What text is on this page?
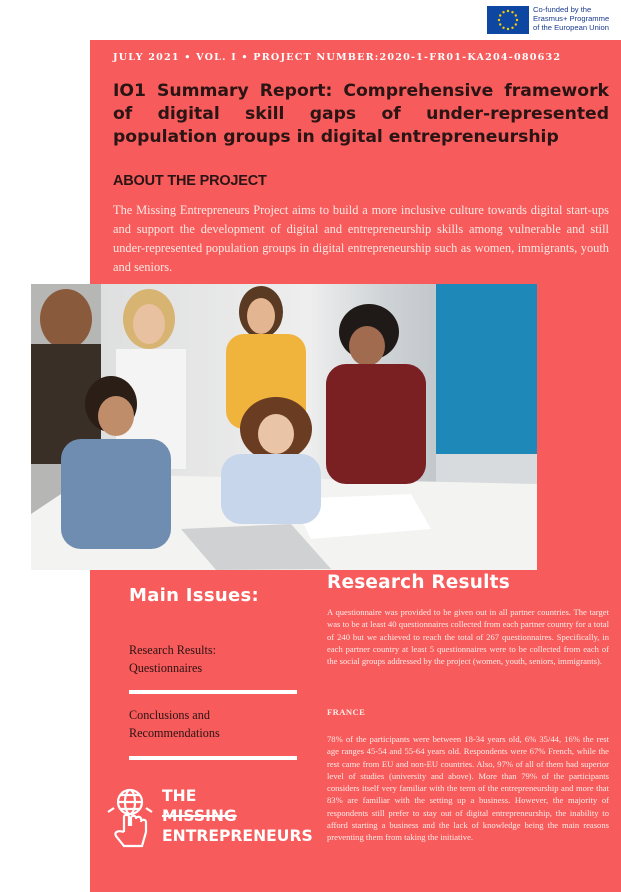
Co-funded by the
Erasmus+ Programme
of the European Union
JULY 2021 • VOL. I • PROJECT NUMBER:2020-1-FR01-KA204-080632
IO1 Summary Report: Comprehensive framework of digital skill gaps of under-represented population groups in digital entrepreneurship
ABOUT THE PROJECT

The Missing Entrepreneurs Project aims to build a more inclusive culture towards digital start-ups and support the development of digital and entrepreneurship skills among vulnerable and still under-represented population groups in digital entrepreneurship such as women, immigrants, youth and seniors.

Main Issues:
Research Results:
Questionnaires
Conclusions and
Recommendations
THE
MISSING
ENTREPRENEURS
Research Results

A questionnaire was provided to be given out in all partner countries. The target was to be at least 40 questionnaires collected from each partner country for a total of 240 but we achieved to reach the total of 267 questionnaires. Specifically, in each partner country at least 5 questionnaires were to be collected from each of the social groups addressed by the project (women, youth, seniors, immigrants).

FRANCE

78% of the participants were between 18-34 years old, 6% 35/44, 16% the rest age ranges 45-54 and 55-64 years old. Respondents were 67% French, while the rest came from EU and non-EU countries. Also, 97% of all of them had superior level of studies (university and above). More than 79% of the participants considers itself very familiar with the term of the entrepreneurship and more that 83% are familiar with the setting up a business. However, the majority of respondents still prefer to stay out of digital entrepreneurship, the inability to afford starting a business and the lack of knowledge being the main reasons preventing them from taking the initiative.
